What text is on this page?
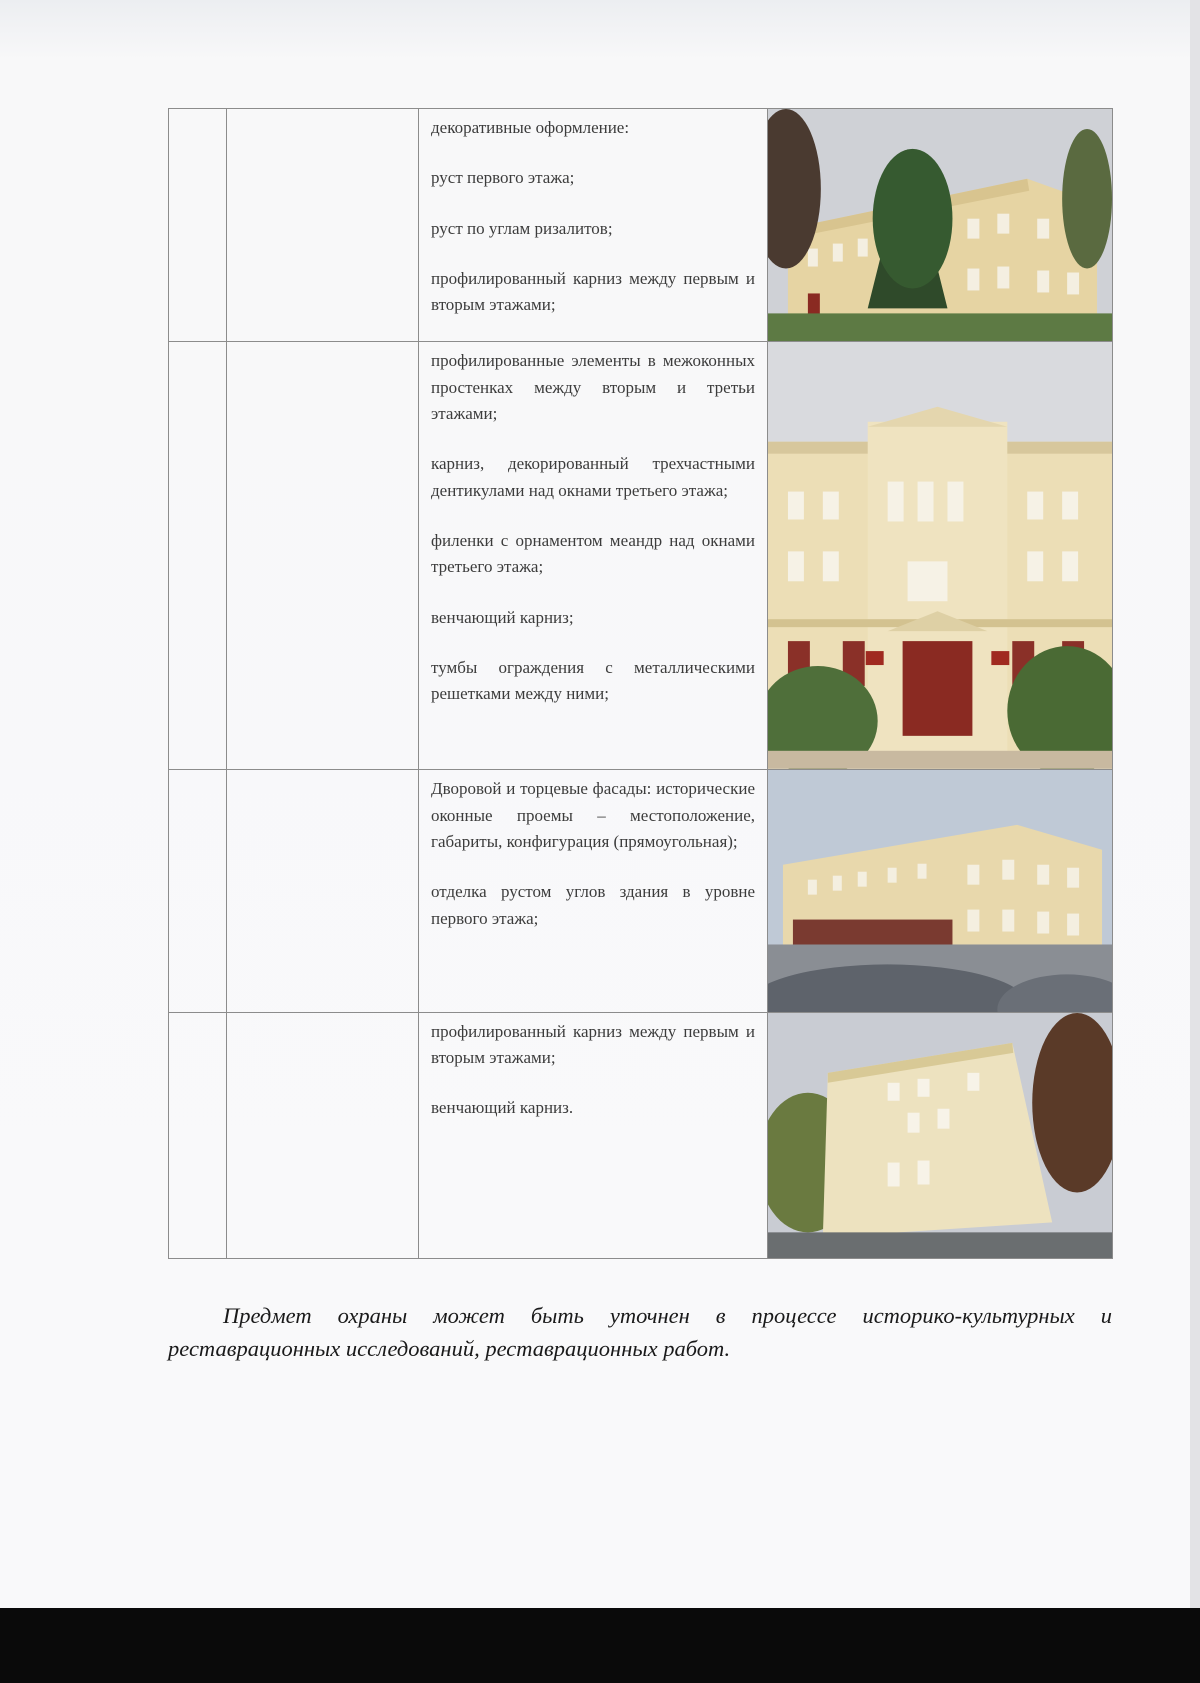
		декоративные оформление:

руст первого этажа;

руст по углам ризалитов;

профилированный карниз между первым и вторым этажами;

		профилированные элементы в межоконных простенках между вторым и третьи этажами;

карниз, декорированный трехчастными дентикулами над окнами третьего этажа;

филенки с орнаментом меандр над окнами третьего этажа;

венчающий карниз;

тумбы ограждения с металлическими решетками между ними;

		Дворовой и торцевые фасады: исторические оконные проемы – местоположение, габариты, конфигурация (прямоугольная);

отделка рустом углов здания в уровне первого этажа;

		профилированный карниз между первым и вторым этажами;

венчающий карниз.

Предмет охраны может быть уточнен в процессе историко-культурных и реставрационных исследований, реставрационных работ.
